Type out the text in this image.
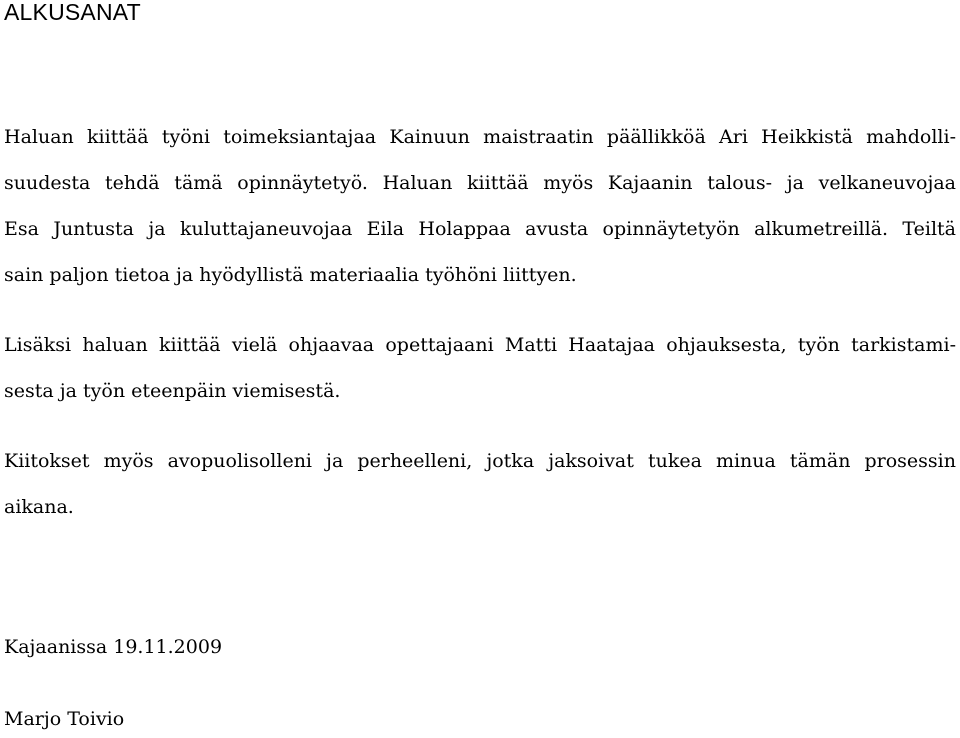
ALKUSANAT

Haluan kiittää työni toimeksiantajaa Kainuun maistraatin päällikköä Ari Heikkistä mahdolli-
suudesta tehdä tämä opinnäytetyö. Haluan kiittää myös Kajaanin talous- ja velkaneuvojaa
Esa Juntusta ja kuluttajaneuvojaa Eila Holappaa avusta opinnäytetyön alkumetreillä. Teiltä
sain paljon tietoa ja hyödyllistä materiaalia työhöni liittyen.

Lisäksi haluan kiittää vielä ohjaavaa opettajaani Matti Haatajaa ohjauksesta, työn tarkistami-
sesta ja työn eteenpäin viemisestä.

Kiitokset myös avopuolisolleni ja perheelleni, jotka jaksoivat tukea minua tämän prosessin
aikana.

Kajaanissa 19.11.2009

Marjo Toivio
